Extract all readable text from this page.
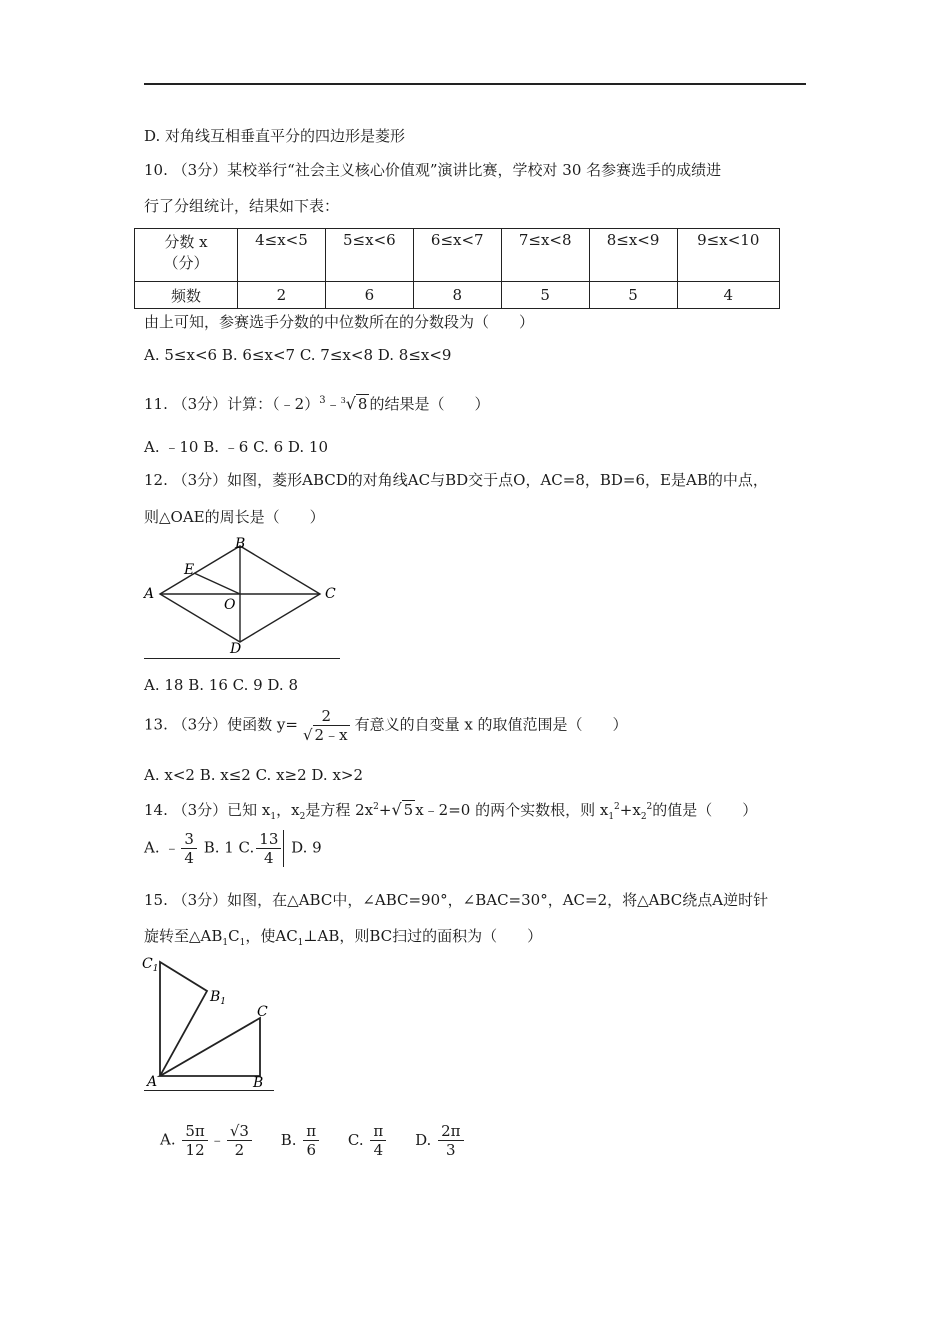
D. 对角线互相垂直平分的四边形是菱形
10. （3分）某校举行“社会主义核心价值观”演讲比赛，学校对 30 名参赛选手的成绩进
行了分组统计，结果如下表：
分数 x
（分）	4≤x<5	5≤x<6	6≤x<7	7≤x<8	8≤x<9	9≤x<10
频数	2	6	8	5	5	4
由上可知，参赛选手分数的中位数所在的分数段为（　　）
A. 5≤x<6 B. 6≤x<7 C. 7≤x<8 D. 8≤x<9
11. （3分）计算：（﹣2）$^3$﹣$^3$√ 8 的结果是（　　）
A. ﹣10 B. ﹣6 C. 6 D. 10
12. （3分）如图，菱形ABCD的对角线AC与BD交于点O，AC=8，BD=6，E是AB的中点，
则△OAE的周长是（　　）
A
B
C
D
E
O
A. 18 B. 16 C. 9 D. 8
13. （3分）使函数 $y= \frac{2}{√ 2﹣x}$ 有意义的自变量 x 的取值范围是（　　）
A. x<2 B. x≤2 C. x≥2 D. x>2
14. （3分）已知 $x_1$，$x_2$是方程 $2x^2+√$ 5 x﹣2=0 的两个实数根，则 $x_1^2+x_2^2$的值是（　　）
A. ﹣ $\frac{3}{4} B$. 1 C. $\frac{13}{4} D$. 9
15. （3分）如图，在△ABC中，∠ABC=90°，∠BAC=30°，AC=2，将△ABC绕点A逆时针
旋转至$\triangle AB_1C_1$，使$AC_1\perp AB$，则BC扫过的面积为（　　）
$C_1$
$B_1$
C
A	B
A. $\frac{5\pi}{12}$ ﹣ $\frac{√3}{2} B$. $\frac{\pi}{6} C$. $\frac{\pi}{4} D$. $\frac{2\pi}{3}$
